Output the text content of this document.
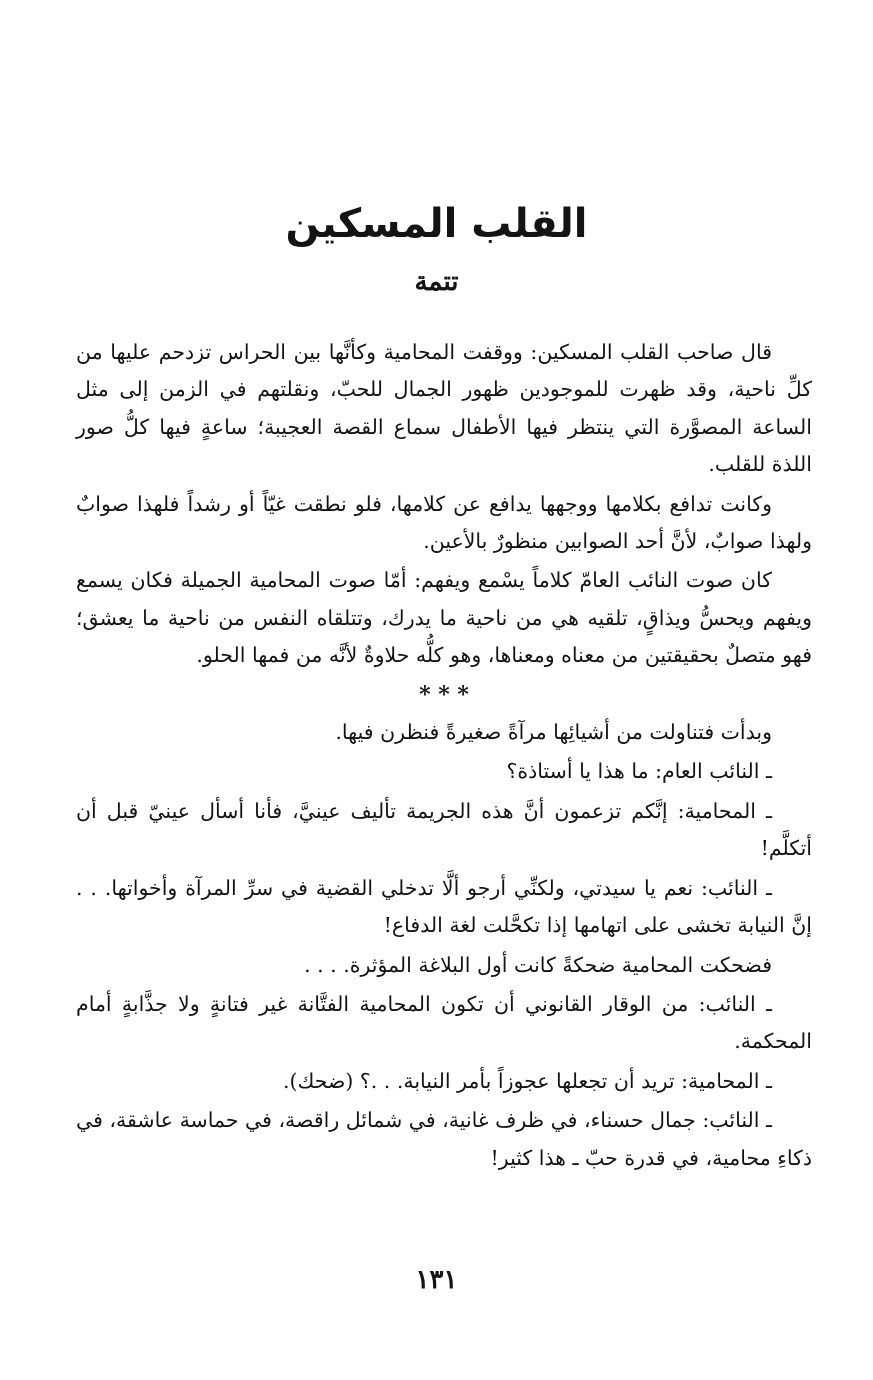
القلب المسكين
تتمة

قال صاحب القلب المسكين: ووقفت المحامية وكأنَّها بين الحراس تزدحم عليها من كلِّ ناحية، وقد ظهرت للموجودين ظهور الجمال للحبّ، ونقلتهم في الزمن إلى مثل الساعة المصوَّرة التي ينتظر فيها الأطفال سماع القصة العجيبة؛ ساعةٍ فيها كلُّ صور اللذة للقلب.

وكانت تدافع بكلامها ووجهها يدافع عن كلامها، فلو نطقت غيّاً أو رشداً فلهذا صوابٌ ولهذا صوابٌ، لأنَّ أحد الصوابين منظورٌ بالأعين.

كان صوت النائب العامّ كلاماً يسْمع ويفهم: أمّا صوت المحامية الجميلة فكان يسمع ويفهم ويحسُّ ويذاقٍ، تلقيه هي من ناحية ما يدرك، وتتلقاه النفس من ناحية ما يعشق؛ فهو متصلٌ بحقيقتين من معناه ومعناها، وهو كلُّه حلاوةٌ لأنَّه من فمها الحلو.

* * *

وبدأت فتناولت من أشيائِها مرآةً صغيرةً فنظرن فيها.

ـ النائب العام: ما هذا يا أستاذة؟

ـ المحامية: إنَّكم تزعمون أنَّ هذه الجريمة تأليف عينيَّ، فأنا أسأل عينيّ قبل أن أتكلَّم!

ـ النائب: نعم يا سيدتي، ولكنِّي أرجو ألَّا تدخلي القضية في سرِّ المرآة وأخواتها. . . إنَّ النيابة تخشى على اتهامها إذا تكحَّلت لغة الدفاع!

فضحكت المحامية ضحكةً كانت أول البلاغة المؤثرة. . . .

ـ النائب: من الوقار القانوني أن تكون المحامية الفتَّانة غير فتانةٍ ولا جذَّابةٍ أمام المحكمة.

ـ المحامية: تريد أن تجعلها عجوزاً بأمر النيابة. . .؟ (ضحك).

ـ النائب: جمال حسناء، في ظرف غانية، في شمائل راقصة، في حماسة عاشقة، في ذكاءِ محامية، في قدرة حبّ ـ هذا كثير!

١٣١
